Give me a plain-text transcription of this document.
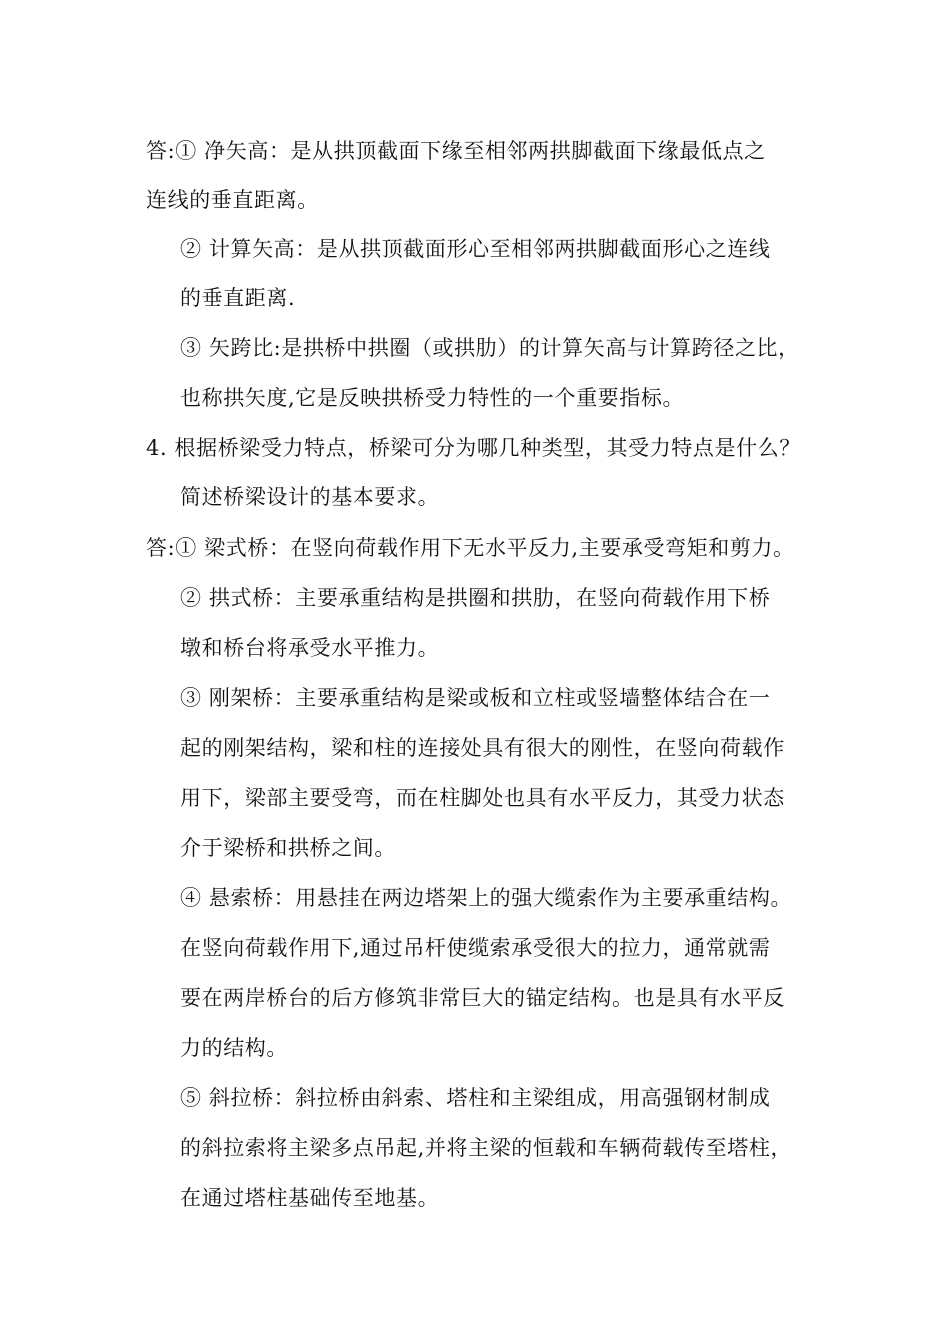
答:① 净矢高：是从拱顶截面下缘至相邻两拱脚截面下缘最低点之
连线的垂直距离。
② 计算矢高：是从拱顶截面形心至相邻两拱脚截面形心之连线
的垂直距离.
③ 矢跨比:是拱桥中拱圈（或拱肋）的计算矢高与计算跨径之比，
也称拱矢度,它是反映拱桥受力特性的一个重要指标。
4. 根据桥梁受力特点，桥梁可分为哪几种类型，其受力特点是什么？
简述桥梁设计的基本要求。
答:① 梁式桥：在竖向荷载作用下无水平反力,主要承受弯矩和剪力。
② 拱式桥：主要承重结构是拱圈和拱肋，在竖向荷载作用下桥
墩和桥台将承受水平推力。
③ 刚架桥：主要承重结构是梁或板和立柱或竖墙整体结合在一
起的刚架结构，梁和柱的连接处具有很大的刚性，在竖向荷载作
用下，梁部主要受弯，而在柱脚处也具有水平反力，其受力状态
介于梁桥和拱桥之间。
④ 悬索桥：用悬挂在两边塔架上的强大缆索作为主要承重结构。
在竖向荷载作用下,通过吊杆使缆索承受很大的拉力，通常就需
要在两岸桥台的后方修筑非常巨大的锚定结构。也是具有水平反
力的结构。
⑤ 斜拉桥：斜拉桥由斜索、塔柱和主梁组成，用高强钢材制成
的斜拉索将主梁多点吊起,并将主梁的恒载和车辆荷载传至塔柱，
在通过塔柱基础传至地基。
